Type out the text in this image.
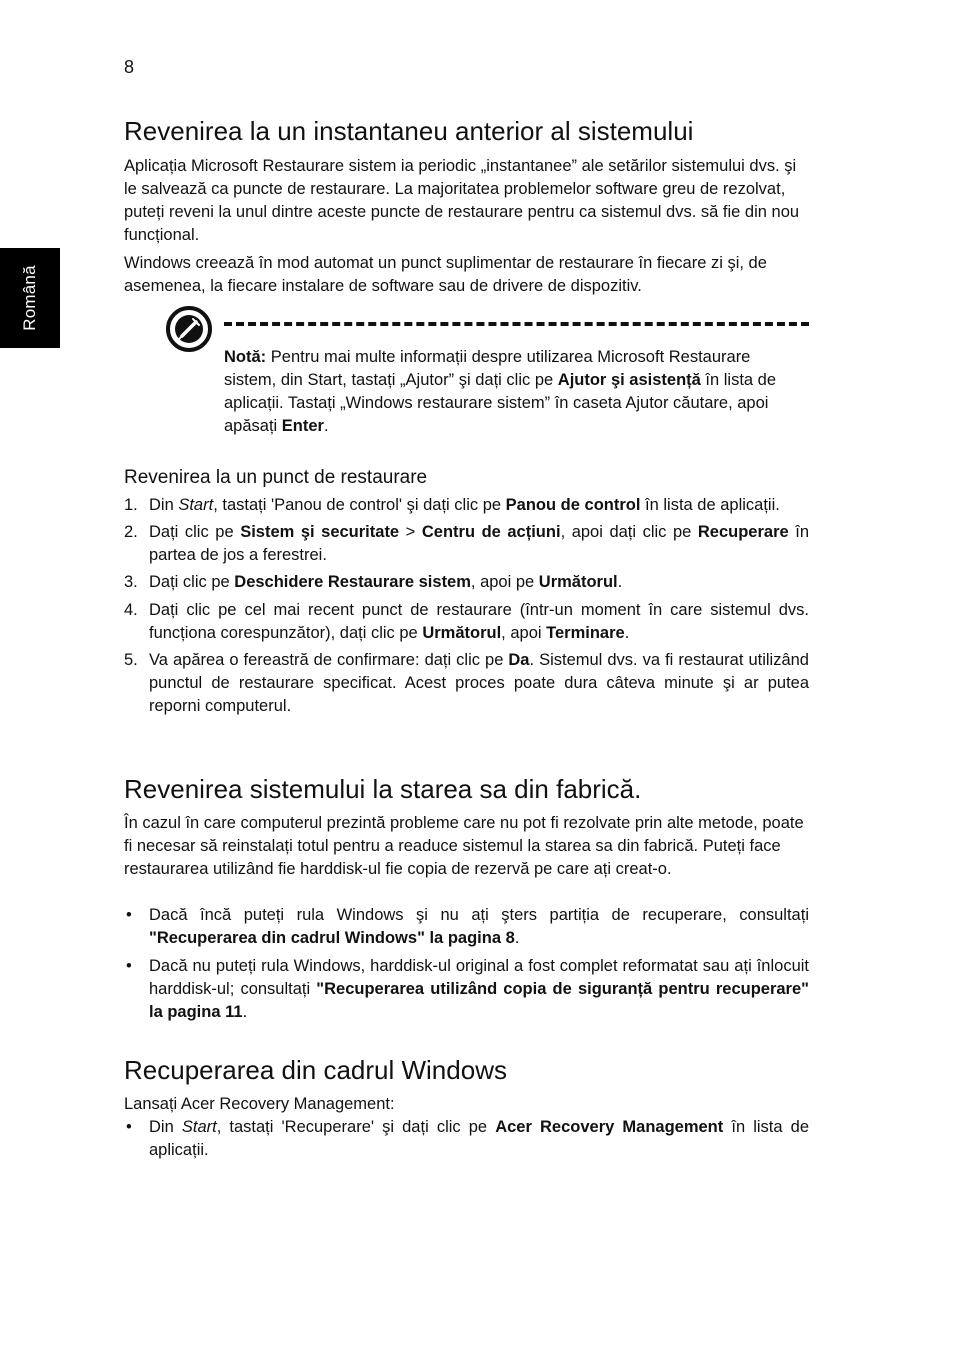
8
Română
Revenirea la un instantaneu anterior al sistemului

Aplicația Microsoft Restaurare sistem ia periodic „instantanee” ale setărilor sistemului dvs. şi le salvează ca puncte de restaurare. La majoritatea problemelor software greu de rezolvat, puteți reveni la unul dintre aceste puncte de restaurare pentru ca sistemul dvs. să fie din nou funcțional.

Windows creează în mod automat un punct suplimentar de restaurare în fiecare zi şi, de asemenea, la fiecare instalare de software sau de drivere de dispozitiv.

Revenirea la un punct de restaurare
1. Din Start, tastați 'Panou de control' şi dați clic pe Panou de control în lista de aplicații.
2. Dați clic pe Sistem şi securitate > Centru de acțiuni, apoi dați clic pe Recuperare în partea de jos a ferestrei.
3. Dați clic pe Deschidere Restaurare sistem, apoi pe Următorul.
4. Dați clic pe cel mai recent punct de restaurare (într-un moment în care sistemul dvs. funcționa corespunzător), dați clic pe Următorul, apoi Terminare.
5. Va apărea o fereastră de confirmare: dați clic pe Da. Sistemul dvs. va fi restaurat utilizând punctul de restaurare specificat. Acest proces poate dura câteva minute şi ar putea reporni computerul.
Revenirea sistemului la starea sa din fabrică.

În cazul în care computerul prezintă probleme care nu pot fi rezolvate prin alte metode, poate fi necesar să reinstalați totul pentru a readuce sistemul la starea sa din fabrică. Puteți face restaurarea utilizând fie harddisk-ul fie copia de rezervă pe care ați creat-o.

• Dacă încă puteți rula Windows şi nu ați şters partiția de recuperare, consultați "Recuperarea din cadrul Windows" la pagina 8.
• Dacă nu puteți rula Windows, harddisk-ul original a fost complet reformatat sau ați înlocuit harddisk-ul; consultați "Recuperarea utilizând copia de siguranță pentru recuperare" la pagina 11.
Recuperarea din cadrul Windows

Lansați Acer Recovery Management:

• Din Start, tastați 'Recuperare' şi dați clic pe Acer Recovery Management în lista de aplicații.
Notă: Pentru mai multe informații despre utilizarea Microsoft Restaurare sistem, din Start, tastați „Ajutor” şi dați clic pe Ajutor şi asistență în lista de aplicații. Tastați „Windows restaurare sistem” în caseta Ajutor căutare, apoi apăsați Enter.
